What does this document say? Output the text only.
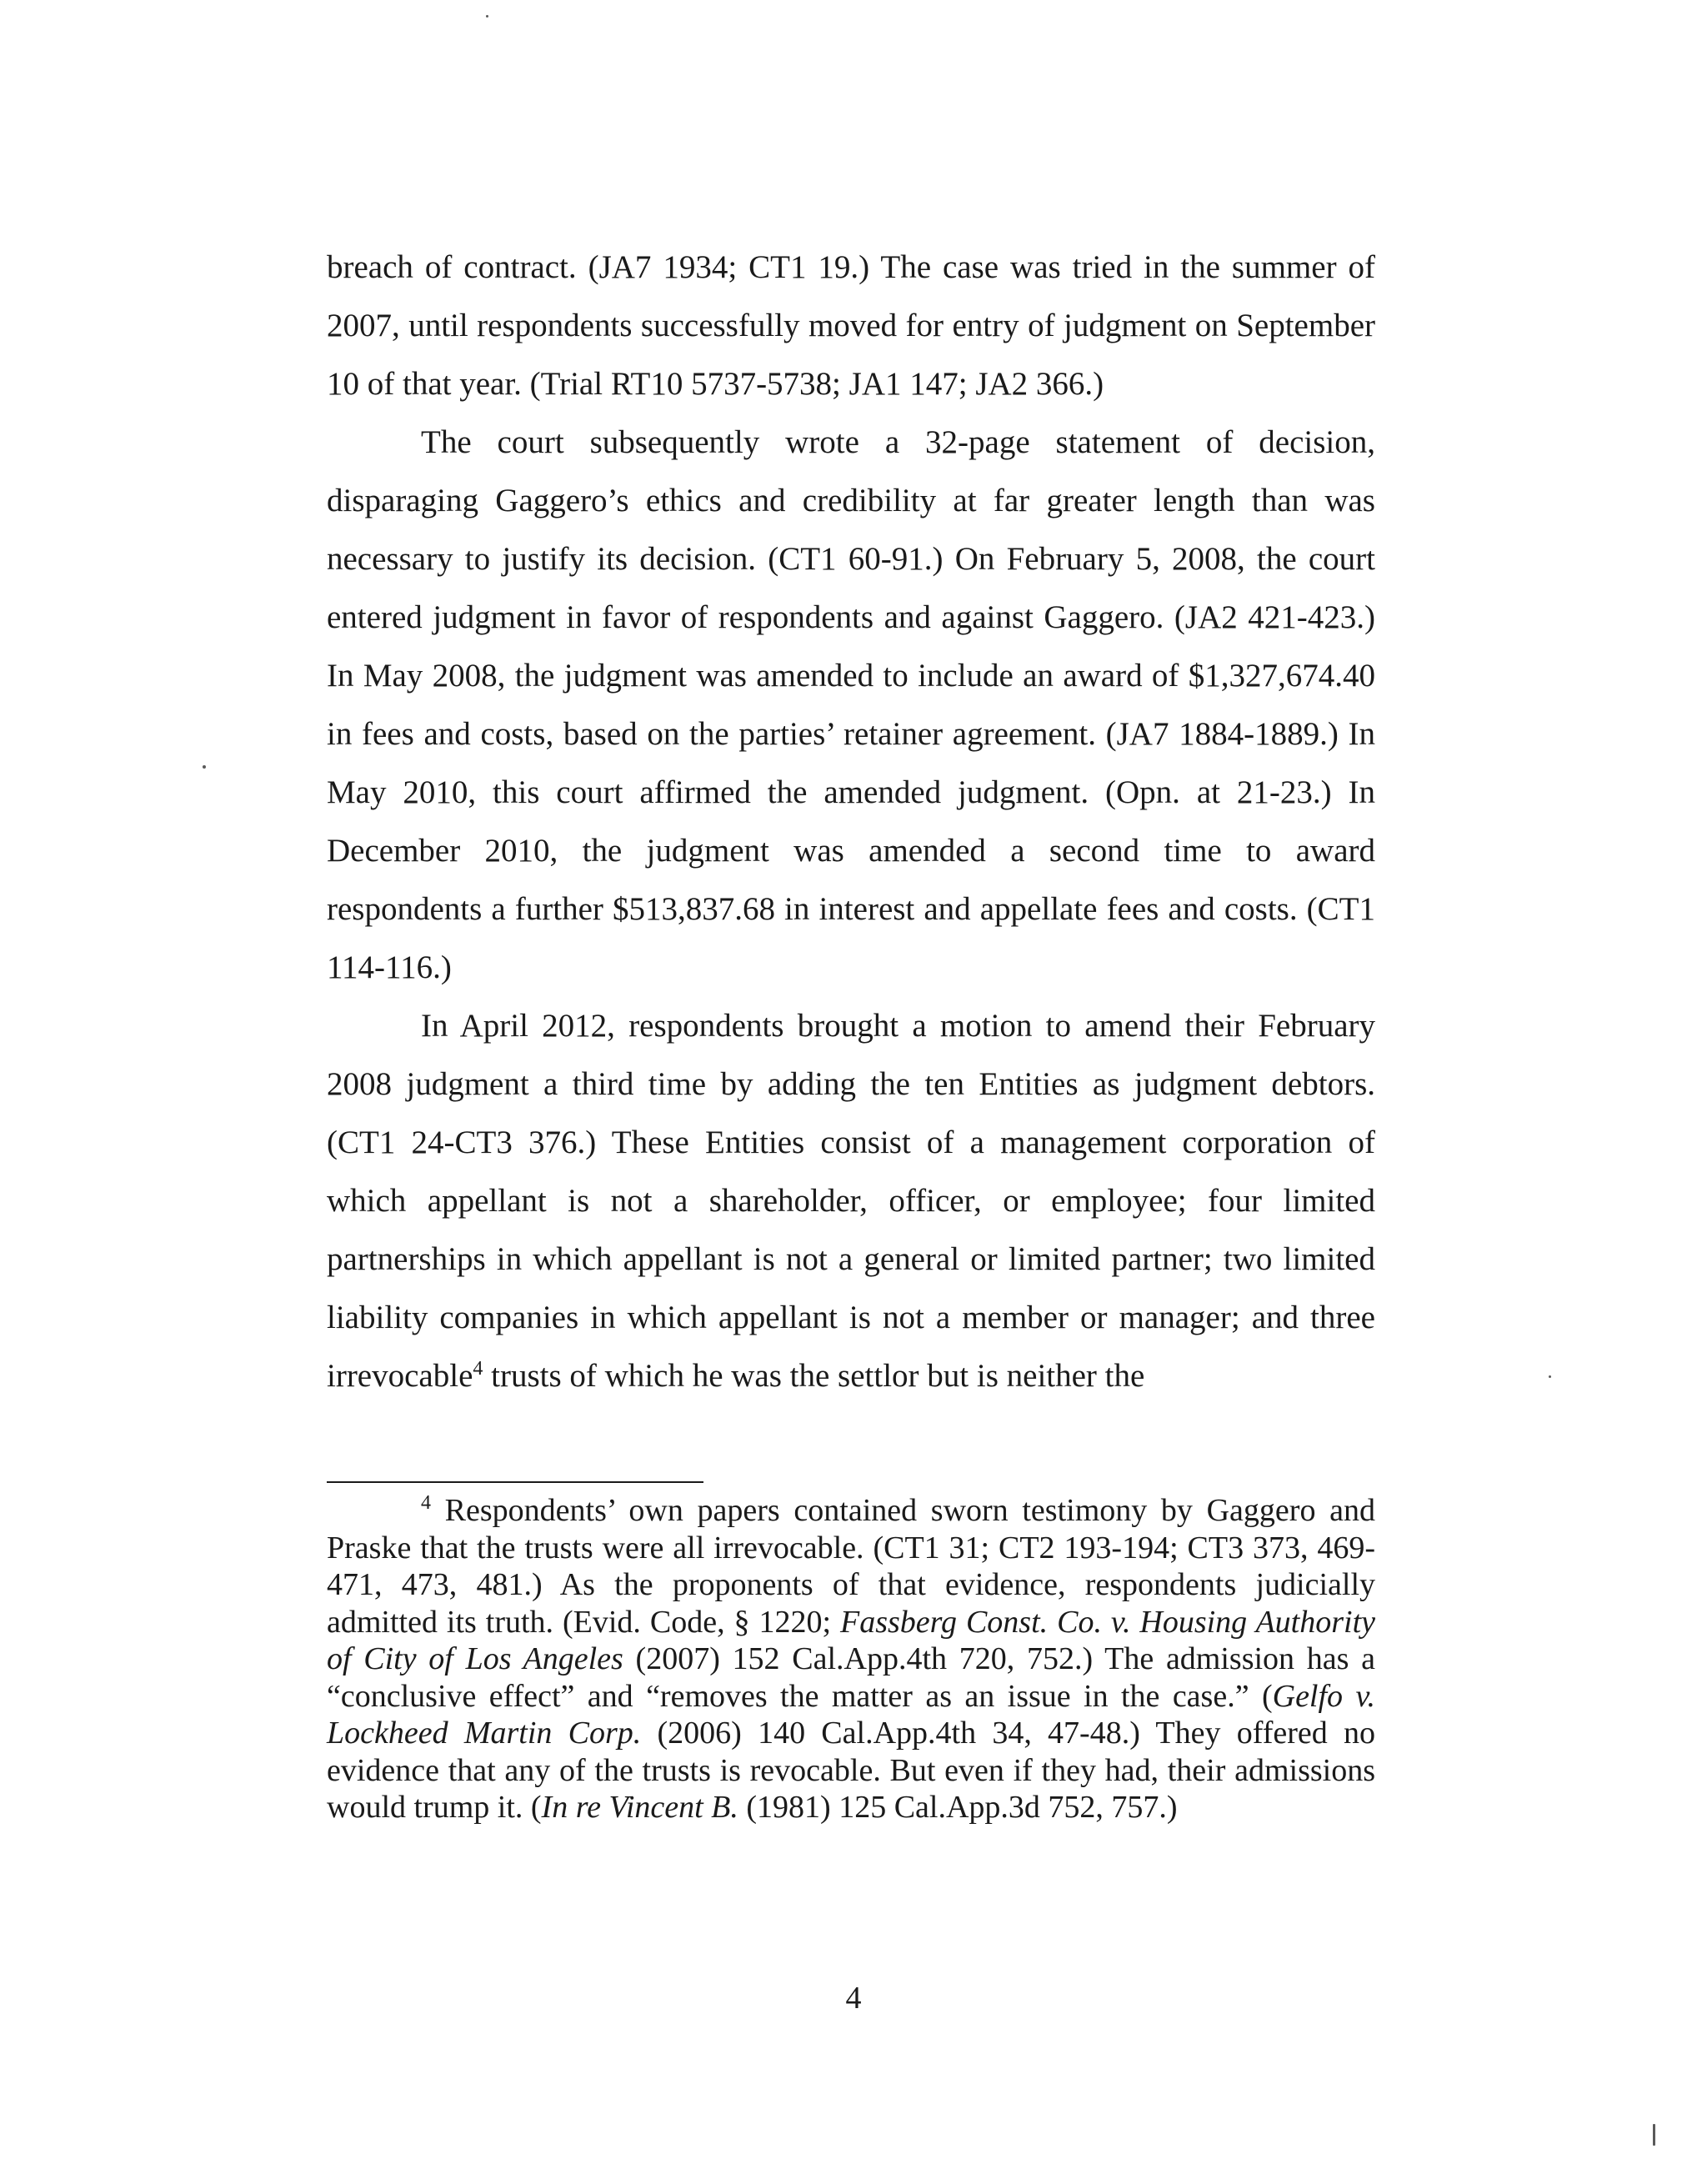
breach of contract. (JA7 1934; CT1 19.) The case was tried in the summer of 2007, until respondents successfully moved for entry of judgment on September 10 of that year. (Trial RT10 5737-5738; JA1 147; JA2 366.)

The court subsequently wrote a 32-page statement of decision, disparaging Gaggero’s ethics and credibility at far greater length than was necessary to justify its decision. (CT1 60-91.) On February 5, 2008, the court entered judgment in favor of respondents and against Gaggero. (JA2 421-423.) In May 2008, the judgment was amended to include an award of $1,327,674.40 in fees and costs, based on the parties’ retainer agreement. (JA7 1884-1889.) In May 2010, this court affirmed the amended judgment. (Opn. at 21-23.) In December 2010, the judgment was amended a second time to award respondents a further $513,837.68 in interest and appellate fees and costs. (CT1 114-116.)

In April 2012, respondents brought a motion to amend their February 2008 judgment a third time by adding the ten Entities as judgment debtors. (CT1 24-CT3 376.) These Entities consist of a management corporation of which appellant is not a shareholder, officer, or employee; four limited partnerships in which appellant is not a general or limited partner; two limited liability companies in which appellant is not a member or manager; and three irrevocable$^4$ trusts of which he was the settlor but is neither the

$^4$ Respondents’ own papers contained sworn testimony by Gaggero and Praske that the trusts were all irrevocable. (CT1 31; CT2 193-194; CT3 373, 469-471, 473, 481.) As the proponents of that evidence, respondents judicially admitted its truth. (Evid. Code, § 1220; Fassberg Const. Co. v. Housing Authority of City of Los Angeles (2007) 152 Cal.App.4th 720, 752.) The admission has a “conclusive effect” and “removes the matter as an issue in the case.” (Gelfo v. Lockheed Martin Corp. (2006) 140 Cal.App.4th 34, 47-48.) They offered no evidence that any of the trusts is revocable. But even if they had, their admissions would trump it. (In re Vincent B. (1981) 125 Cal.App.3d 752, 757.)

4
